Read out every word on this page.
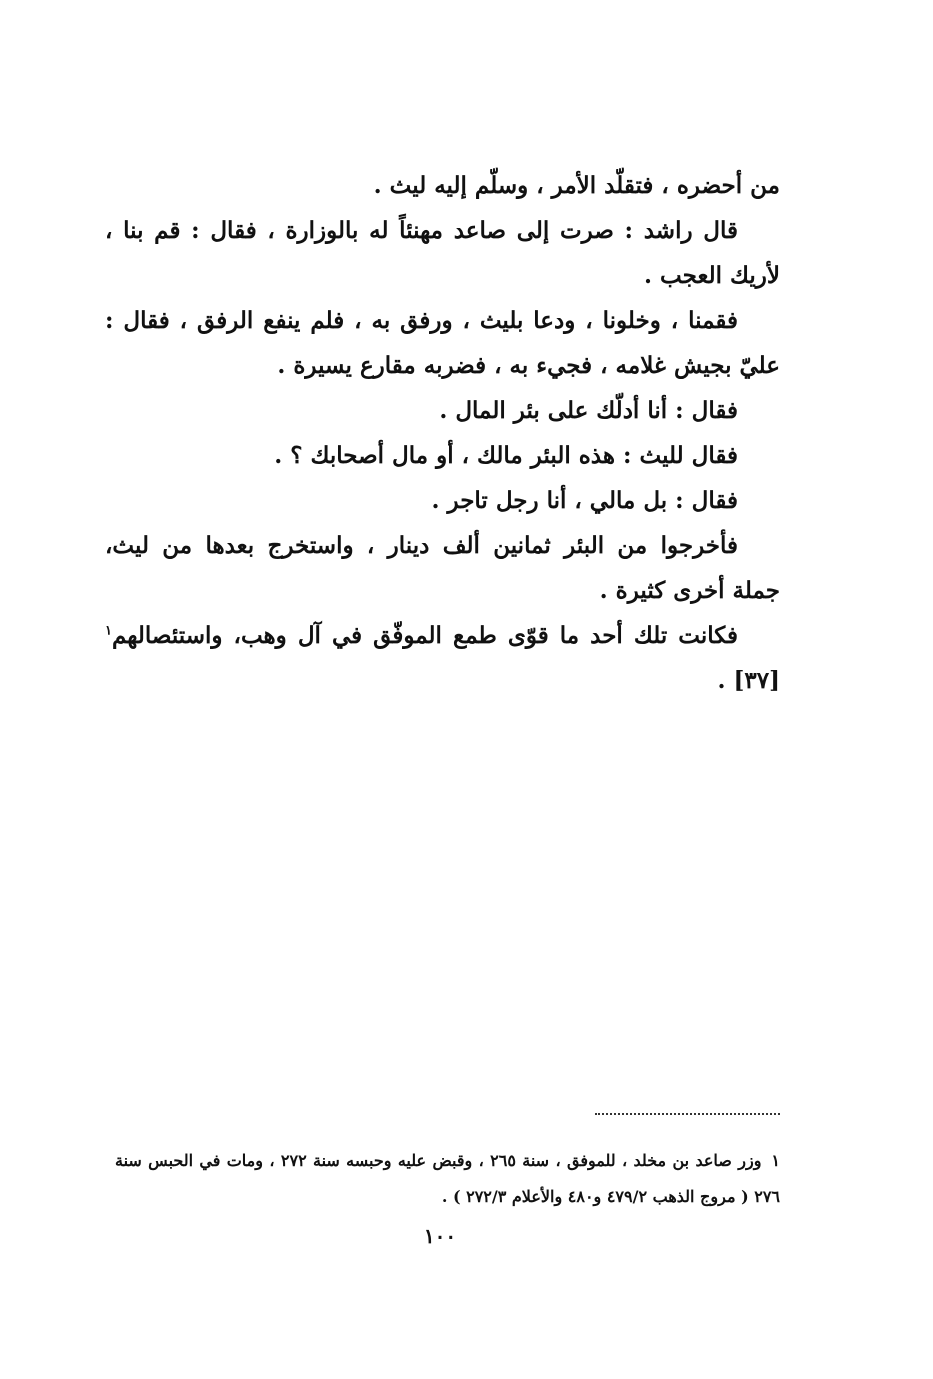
من أحضره ، فتقلّد الأمر ، وسلّم إليه ليث .

قال راشد : صرت إلى صاعد مهنئاً له بالوزارة ، فقال : قم بنا ، لأريك العجب .

فقمنا ، وخلونا ، ودعا بليث ، ورفق به ، فلم ينفع الرفق ، فقال : عليّ بجيش غلامه ، فجيء به ، فضربه مقارع يسيرة .

فقال : أنا أدلّك على بئر المال .

فقال لليث : هذه البئر مالك ، أو مال أصحابك ؟ .

فقال : بل مالي ، أنا رجل تاجر .

فأخرجوا من البئر ثمانين ألف دينار ، واستخرج بعدها من ليث، جملة أخرى كثيرة .

فكانت تلك أحد ما قوّى طمع الموفّق في آل وهب، واستئصالهم$^١$ [٣٧] .

١وزر صاعد بن مخلد ، للموفق ، سنة ٢٦٥ ، وقبض عليه وحبسه سنة ٢٧٢ ، ومات في الحبس سنة ٢٧٦ ( مروج الذهب ٤٧٩/٢ و٤٨٠ والأعلام ٢٧٢/٣ ) .

١٠٠
